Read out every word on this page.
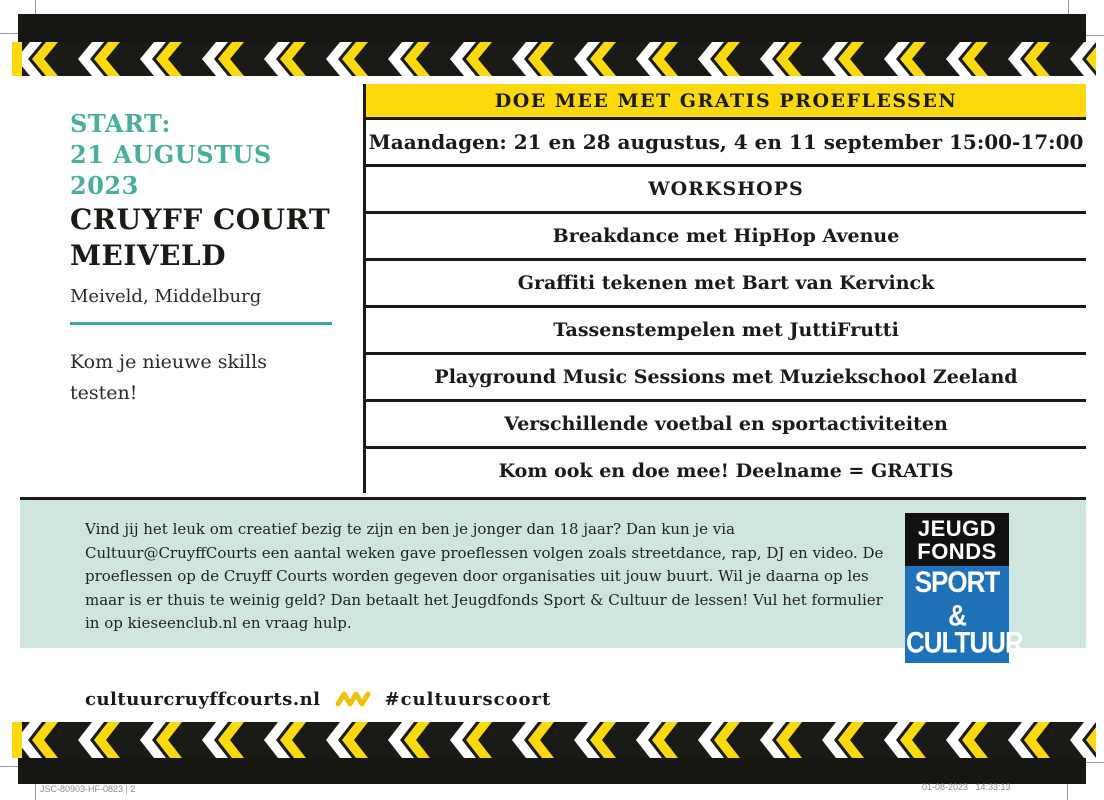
START:
21 AUGUSTUS
2023
CRUYFF COURT
MEIVELD
Meiveld, Middelburg
Kom je nieuwe skills testen!
DOE MEE MET GRATIS PROEFLESSEN
Maandagen: 21 en 28 augustus, 4 en 11 september 15:00-17:00
WORKSHOPS
Breakdance met HipHop Avenue
Graffiti tekenen met Bart van Kervinck
Tassenstempelen met JuttiFrutti
Playground Music Sessions met Muziekschool Zeeland
Verschillende voetbal en sportactiviteiten
Kom ook en doe mee! Deelname = GRATIS
Vind jij het leuk om creatief bezig te zijn en ben je jonger dan 18 jaar? Dan kun je via Cultuur@CruyffCourts een aantal weken gave proeflessen volgen zoals streetdance, rap, DJ en video. De proeflessen op de Cruyff Courts worden gegeven door organisaties uit jouw buurt. Wil je daarna op les maar is er thuis te weinig geld? Dan betaalt het Jeugdfonds Sport & Cultuur de lessen! Vul het formulier in op kieseenclub.nl en vraag hulp.
JEUGD
FONDS
SPORT & CULTUUR
cultuurcruyffcourts.nl	#cultuurscoort
JSC-80903-HF-0823 | 2	01-08-2023   14:33:13
